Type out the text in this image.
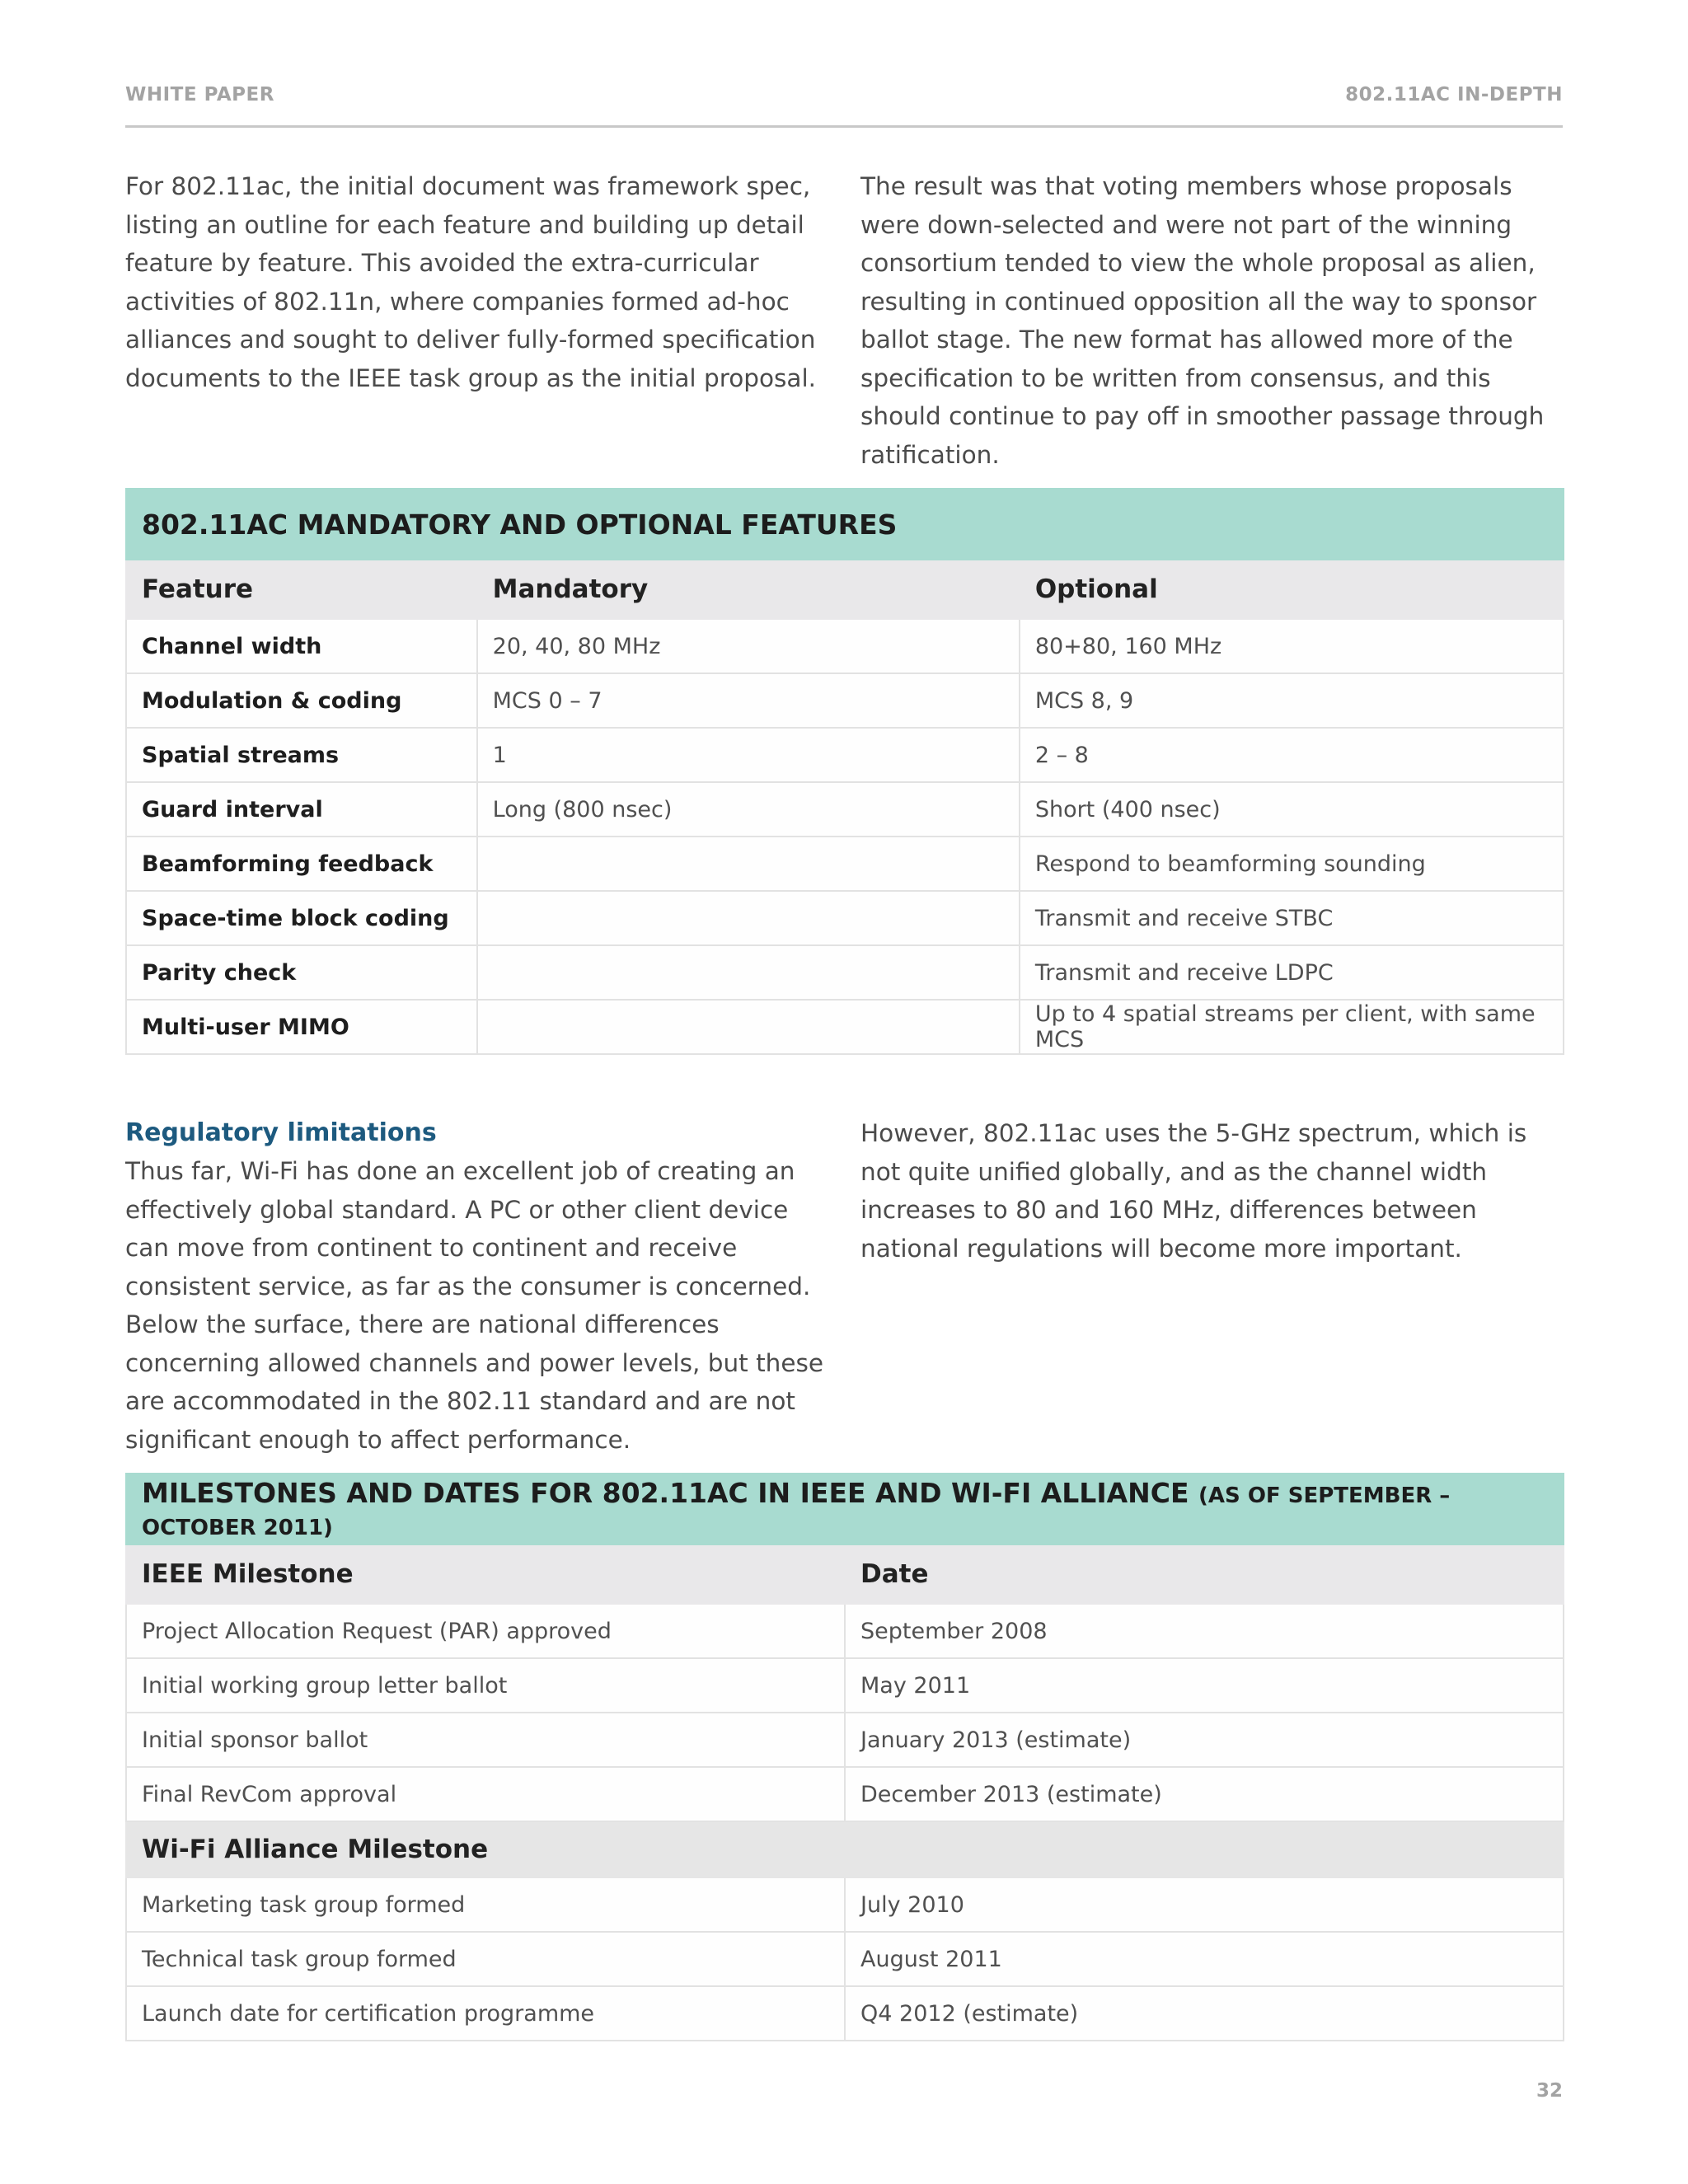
WHITE PAPER	802.11AC IN-DEPTH

For 802.11ac, the initial document was framework spec, listing an outline for each feature and building up detail feature by feature. This avoided the extra-curricular activities of 802.11n, where companies formed ad-hoc alliances and sought to deliver fully-formed specification documents to the IEEE task group as the initial proposal.

The result was that voting members whose proposals were down-selected and were not part of the winning consortium tended to view the whole proposal as alien, resulting in continued opposition all the way to sponsor ballot stage. The new format has allowed more of the specification to be written from consensus, and this should continue to pay off in smoother passage through ratification.

802.11AC MANDATORY AND OPTIONAL FEATURES		
Feature	Mandatory	Optional
Channel width	20, 40, 80 MHz	80+80, 160 MHz
Modulation & coding	MCS 0 – 7	MCS 8, 9
Spatial streams	1	2 – 8
Guard interval	Long (800 nsec)	Short (400 nsec)
Beamforming feedback		Respond to beamforming sounding
Space-time block coding		Transmit and receive STBC
Parity check		Transmit and receive LDPC
Multi-user MIMO		Up to 4 spatial streams per client, with same MCS

Regulatory limitations

Thus far, Wi-Fi has done an excellent job of creating an effectively global standard. A PC or other client device can move from continent to continent and receive consistent service, as far as the consumer is concerned. Below the surface, there are national differences concerning allowed channels and power levels, but these are accommodated in the 802.11 standard and are not significant enough to affect performance.

However, 802.11ac uses the 5-GHz spectrum, which is not quite unified globally, and as the channel width increases to 80 and 160 MHz, differences between national regulations will become more important.

MILESTONES AND DATES FOR 802.11AC IN IEEE AND WI-FI ALLIANCE (AS OF SEPTEMBER – OCTOBER 2011)	
IEEE Milestone	Date
Project Allocation Request (PAR) approved	September 2008
Initial working group letter ballot	May 2011
Initial sponsor ballot	January 2013 (estimate)
Final RevCom approval	December 2013 (estimate)
Wi-Fi Alliance Milestone	
Marketing task group formed	July 2010
Technical task group formed	August 2011
Launch date for certification programme	Q4 2012 (estimate)
32
